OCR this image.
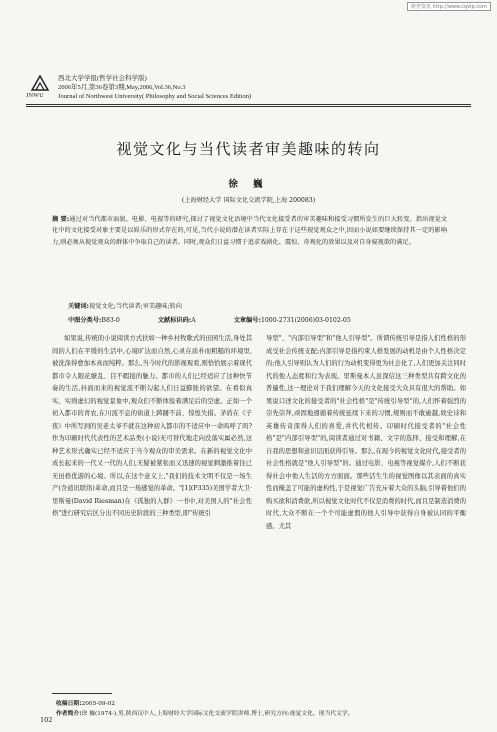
维普资讯 http://www.cqvip.com
JNWU
西北大学学报(哲学社会科学版)
2006年5月,第36卷第3期,May,2006,Vol.36,No.3
Journal of Northwest University( Philosophy and Social Sciences Edition)
视觉文化与当代读者审美趣味的转向
徐 巍
(上海财经大学 国际文化交流学院,上海 200083)
摘 要:通过对当代都市面貌、电影、电视等的研究,探讨了视觉文化语境中当代文化接受者的审美趣味和接受习惯所发生的巨大转变。指出视觉文化中的文化接受对象主要是以娱乐的形式存在的,可见,当代小说的潜在读者实际上存在于这些视觉观众之中,因而小说如要继续保持其一定的影响力,则必须从视觉观众的群体中争取自己的读者。同时,观众们日益习惯于追求戏剧化、震惊、奇观化的效果以及对自身窥视欲的满足。
关键词:视觉文化;当代读者;审美趣味;转向
中图分类号:B83-0	文献标识码:A	文章编号:1000-2731(2006)03-0102-05
如果说,传统的小说阅读方式扶如一种乡村牧歌式的田园生活,身处其间的人们在平缓的生活中,心境旷达而自然,心灵在质朴而粗糙的环境里,被洗涤得愈加本真而纯粹。那么,当今时代的影视观看,则恰恰展示着现代都市令人眼花缭乱、目不暇接的魅力。都市的人们已经适应了这种快节奏的生活,抖面而来的视觉流不断勾起人们日益膨胀的欲望。在看似真实、实则虚幻的视觉景象中,观众们不断体验着满足后的空虚。正如一个初入都市的青农,在川流不息的街道上踌躇不前、惊惶失措。茅盾在《子夜》中所写到的吴老太爷不就在这种初入都市的不适应中一命呜呼了吗?作为印刷时代代表性的艺术品类(小说)无可替代地走向没落实属必然,这种艺术形式确实已经不适应于当今观众的审美需求。在新的视觉文化中成长起来的一代又一代的人们,无疑被紧张而又迅速的视觉刺激推着往已无田格优游的心境。所以,在这个意义上,"我们的技术文明不仅是一场生产(含道讯联络)革命,而且是一场感觉的革命。"[1](P335)美国学者大卫·里斯曼(David Riesman)在《孤独的人群》一书中,对美国人的"社会性格"进行研究后区分出不同历史阶段的三种类型,即"传统引
导型"、"内部引导型"和"他人引导型"。所谓传统引导是指人们性格的形成受社会传统支配;内部引导是指约束人格发展的动机是由个人性格决定的;他人引导则认为人们的行为动机变得更为社会化了,人们更加关注同时代的他人态度和行为表现。里斯曼本人虽深信这三种类型共有跨文化的普遍性,这一理论对于我们理解今天的文化接受大众具有很大的帮助。如果说口述文化的接受者的"社会性格"是"传统引导型"的,人们怀着强烈的崇先崇拜,顽固地遵循着传统延续下来的习惯,规则而不敢逾越,故史诗和英雄传奇深得人们的喜爱,并代代相传。印刷时代接受者的"社会性格"是"内部引导型"的,阅读者通过对书籍、文字的选择、接受和理解,在自我的思想和意识层面获得引导。那么,在现今的视觉文化时代,接受者的社会性格就是"他人引导型"的。通过电影、电视等视觉媒介,人们不断获得社会中他人生活的方方面面。那些活生生的视觉图像以其表面的真实性而掩盖了可能的虚构性,于是视觉广告充斥着大众的头脑,引导着他们的购买欲和消费欲,所以视觉文化时代不仅是消费的时代,而且是制造消费的时代,大众不断在一个个可能虚假的他人引导中获得自身被认同的平衡感。尤其
收稿日期:2005-09-02
作者简介:徐 巍(1974-),男,陕西汉中人,上海财经大学国际文化交流学院讲师,博士,研究方向:视觉文化、现当代文学。
102
